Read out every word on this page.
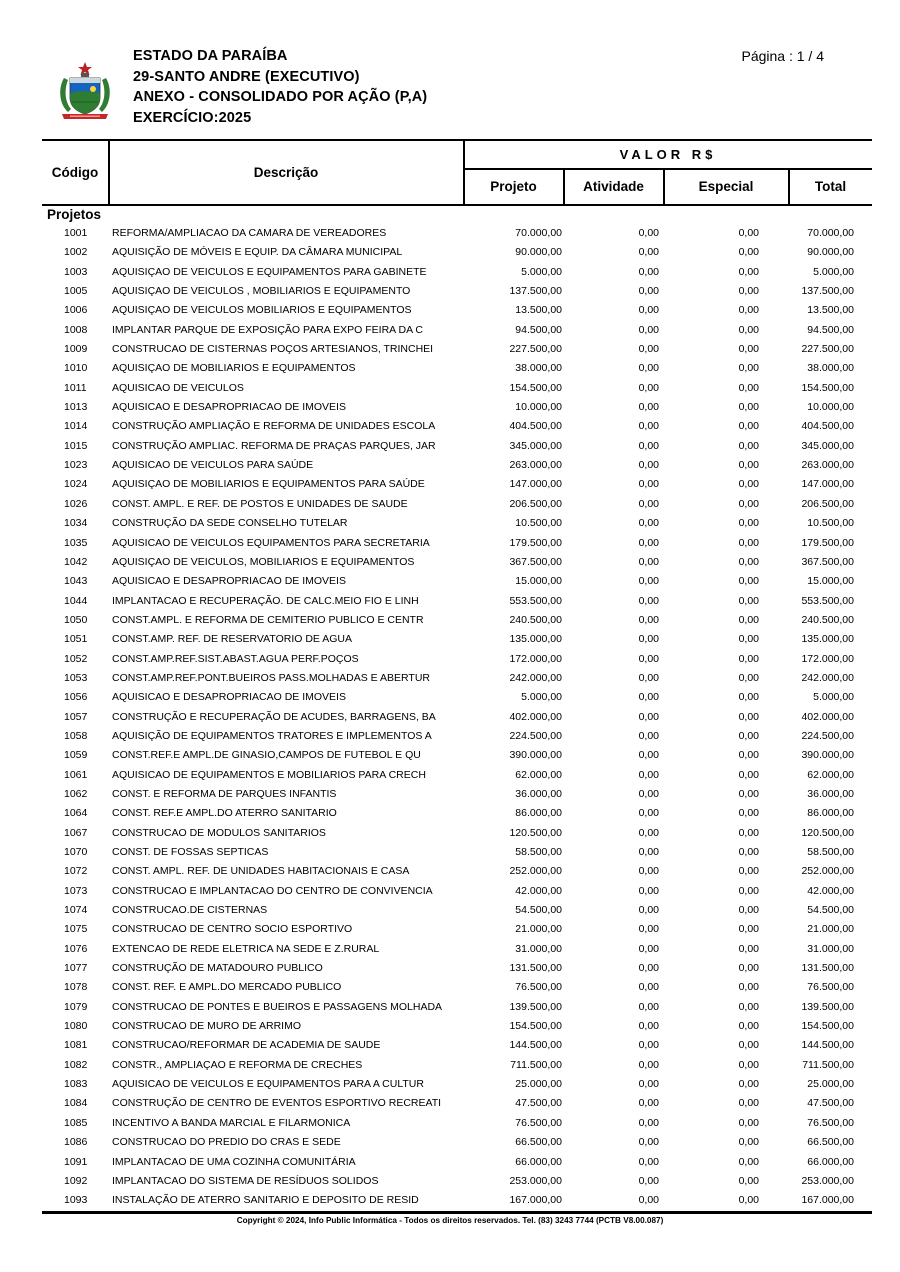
ESTADO DA PARAÍBA
29-SANTO ANDRE (EXECUTIVO)
ANEXO - CONSOLIDADO POR AÇÃO (P,A)
EXERCÍCIO:2025
Página : 1 / 4
Código	Descrição
VALOR R$
Projeto	Atividade	Especial	Total
Projetos
1001 REFORMA/AMPLIACAO DA CAMARA DE VEREADORES	70.000,00	0,00	0,00	70.000,00
1002 AQUISIÇÃO DE MÓVEIS E EQUIP. DA CÂMARA MUNICIPAL	90.000,00	0,00	0,00	90.000,00
1003 AQUISIÇAO DE VEICULOS E EQUIPAMENTOS PARA GABINETE	5.000,00	0,00	0,00	5.000,00
1005 AQUISIÇAO DE VEICULOS , MOBILIARIOS E EQUIPAMENTO	137.500,00	0,00	0,00	137.500,00
1006 AQUISIÇAO DE VEICULOS MOBILIARIOS E EQUIPAMENTOS	13.500,00	0,00	0,00	13.500,00
1008 IMPLANTAR PARQUE DE EXPOSIÇÃO PARA EXPO FEIRA DA C	94.500,00	0,00	0,00	94.500,00
1009 CONSTRUCAO DE CISTERNAS POÇOS ARTESIANOS, TRINCHEI	227.500,00	0,00	0,00	227.500,00
1010 AQUISIÇAO DE MOBILIARIOS E EQUIPAMENTOS	38.000,00	0,00	0,00	38.000,00
1011 AQUISICAO DE VEICULOS	154.500,00	0,00	0,00	154.500,00
1013 AQUISICAO E DESAPROPRIACAO DE IMOVEIS	10.000,00	0,00	0,00	10.000,00
1014 CONSTRUÇÃO AMPLIAÇÃO E REFORMA DE UNIDADES ESCOLA	404.500,00	0,00	0,00	404.500,00
1015 CONSTRUÇÃO AMPLIAC. REFORMA DE PRAÇAS PARQUES, JAR	345.000,00	0,00	0,00	345.000,00
1023 AQUISICAO DE VEICULOS PARA SAÚDE	263.000,00	0,00	0,00	263.000,00
1024 AQUISIÇAO DE MOBILIARIOS E EQUIPAMENTOS PARA SAÚDE	147.000,00	0,00	0,00	147.000,00
1026 CONST. AMPL. E REF. DE POSTOS E UNIDADES DE SAUDE	206.500,00	0,00	0,00	206.500,00
1034 CONSTRUÇÃO DA SEDE CONSELHO TUTELAR	10.500,00	0,00	0,00	10.500,00
1035 AQUISICAO DE VEICULOS EQUIPAMENTOS PARA SECRETARIA	179.500,00	0,00	0,00	179.500,00
1042 AQUISIÇAO DE VEICULOS, MOBILIARIOS E EQUIPAMENTOS	367.500,00	0,00	0,00	367.500,00
1043 AQUISICAO E DESAPROPRIACAO DE IMOVEIS	15.000,00	0,00	0,00	15.000,00
1044 IMPLANTACAO E RECUPERAÇÃO. DE CALC.MEIO FIO E LINH	553.500,00	0,00	0,00	553.500,00
1050 CONST.AMPL. E REFORMA DE CEMITERIO PUBLICO E CENTR	240.500,00	0,00	0,00	240.500,00
1051 CONST.AMP. REF. DE RESERVATORIO DE AGUA	135.000,00	0,00	0,00	135.000,00
1052 CONST.AMP.REF.SIST.ABAST.AGUA PERF.POÇOS	172.000,00	0,00	0,00	172.000,00
1053 CONST.AMP.REF.PONT.BUEIROS PASS.MOLHADAS E ABERTUR	242.000,00	0,00	0,00	242.000,00
1056 AQUISICAO E DESAPROPRIACAO DE IMOVEIS	5.000,00	0,00	0,00	5.000,00
1057 CONSTRUÇÃO E RECUPERAÇÃO DE ACUDES, BARRAGENS, BA	402.000,00	0,00	0,00	402.000,00
1058 AQUISIÇÃO DE EQUIPAMENTOS TRATORES E IMPLEMENTOS A	224.500,00	0,00	0,00	224.500,00
1059 CONST.REF.E AMPL.DE GINASIO,CAMPOS DE FUTEBOL E QU	390.000,00	0,00	0,00	390.000,00
1061 AQUISICAO DE EQUIPAMENTOS E MOBILIARIOS PARA CRECH	62.000,00	0,00	0,00	62.000,00
1062 CONST. E REFORMA DE PARQUES INFANTIS	36.000,00	0,00	0,00	36.000,00
1064 CONST. REF.E AMPL.DO ATERRO SANITARIO	86.000,00	0,00	0,00	86.000,00
1067 CONSTRUCAO DE MODULOS SANITARIOS	120.500,00	0,00	0,00	120.500,00
1070 CONST. DE FOSSAS SEPTICAS	58.500,00	0,00	0,00	58.500,00
1072 CONST. AMPL. REF. DE UNIDADES HABITACIONAIS E CASA	252.000,00	0,00	0,00	252.000,00
1073 CONSTRUCAO E IMPLANTACAO DO CENTRO DE CONVIVENCIA	42.000,00	0,00	0,00	42.000,00
1074 CONSTRUCAO.DE CISTERNAS	54.500,00	0,00	0,00	54.500,00
1075 CONSTRUCAO DE CENTRO SOCIO ESPORTIVO	21.000,00	0,00	0,00	21.000,00
1076 EXTENCAO DE REDE ELETRICA NA SEDE E Z.RURAL	31.000,00	0,00	0,00	31.000,00
1077 CONSTRUÇÃO DE MATADOURO PUBLICO	131.500,00	0,00	0,00	131.500,00
1078 CONST. REF. E AMPL.DO MERCADO PUBLICO	76.500,00	0,00	0,00	76.500,00
1079 CONSTRUCAO DE PONTES E BUEIROS E PASSAGENS MOLHADA	139.500,00	0,00	0,00	139.500,00
1080 CONSTRUCAO DE MURO DE ARRIMO	154.500,00	0,00	0,00	154.500,00
1081 CONSTRUCAO/REFORMAR DE ACADEMIA DE SAUDE	144.500,00	0,00	0,00	144.500,00
1082 CONSTR., AMPLIAÇAO E REFORMA DE CRECHES	711.500,00	0,00	0,00	711.500,00
1083 AQUISICAO DE VEICULOS E EQUIPAMENTOS PARA A CULTUR	25.000,00	0,00	0,00	25.000,00
1084 CONSTRUÇÃO DE CENTRO DE EVENTOS ESPORTIVO RECREATI	47.500,00	0,00	0,00	47.500,00
1085 INCENTIVO A BANDA MARCIAL E FILARMONICA	76.500,00	0,00	0,00	76.500,00
1086 CONSTRUCAO DO PREDIO DO CRAS E SEDE	66.500,00	0,00	0,00	66.500,00
1091 IMPLANTACAO DE UMA COZINHA COMUNITÁRIA	66.000,00	0,00	0,00	66.000,00
1092 IMPLANTACAO DO SISTEMA DE RESÍDUOS SOLIDOS	253.000,00	0,00	0,00	253.000,00
1093 INSTALAÇÃO DE ATERRO SANITARIO E DEPOSITO DE RESID	167.000,00	0,00	0,00	167.000,00
Copyright © 2024, Info Public Informática - Todos os direitos reservados. Tel. (83) 3243 7744 (PCTB V8.00.087)
